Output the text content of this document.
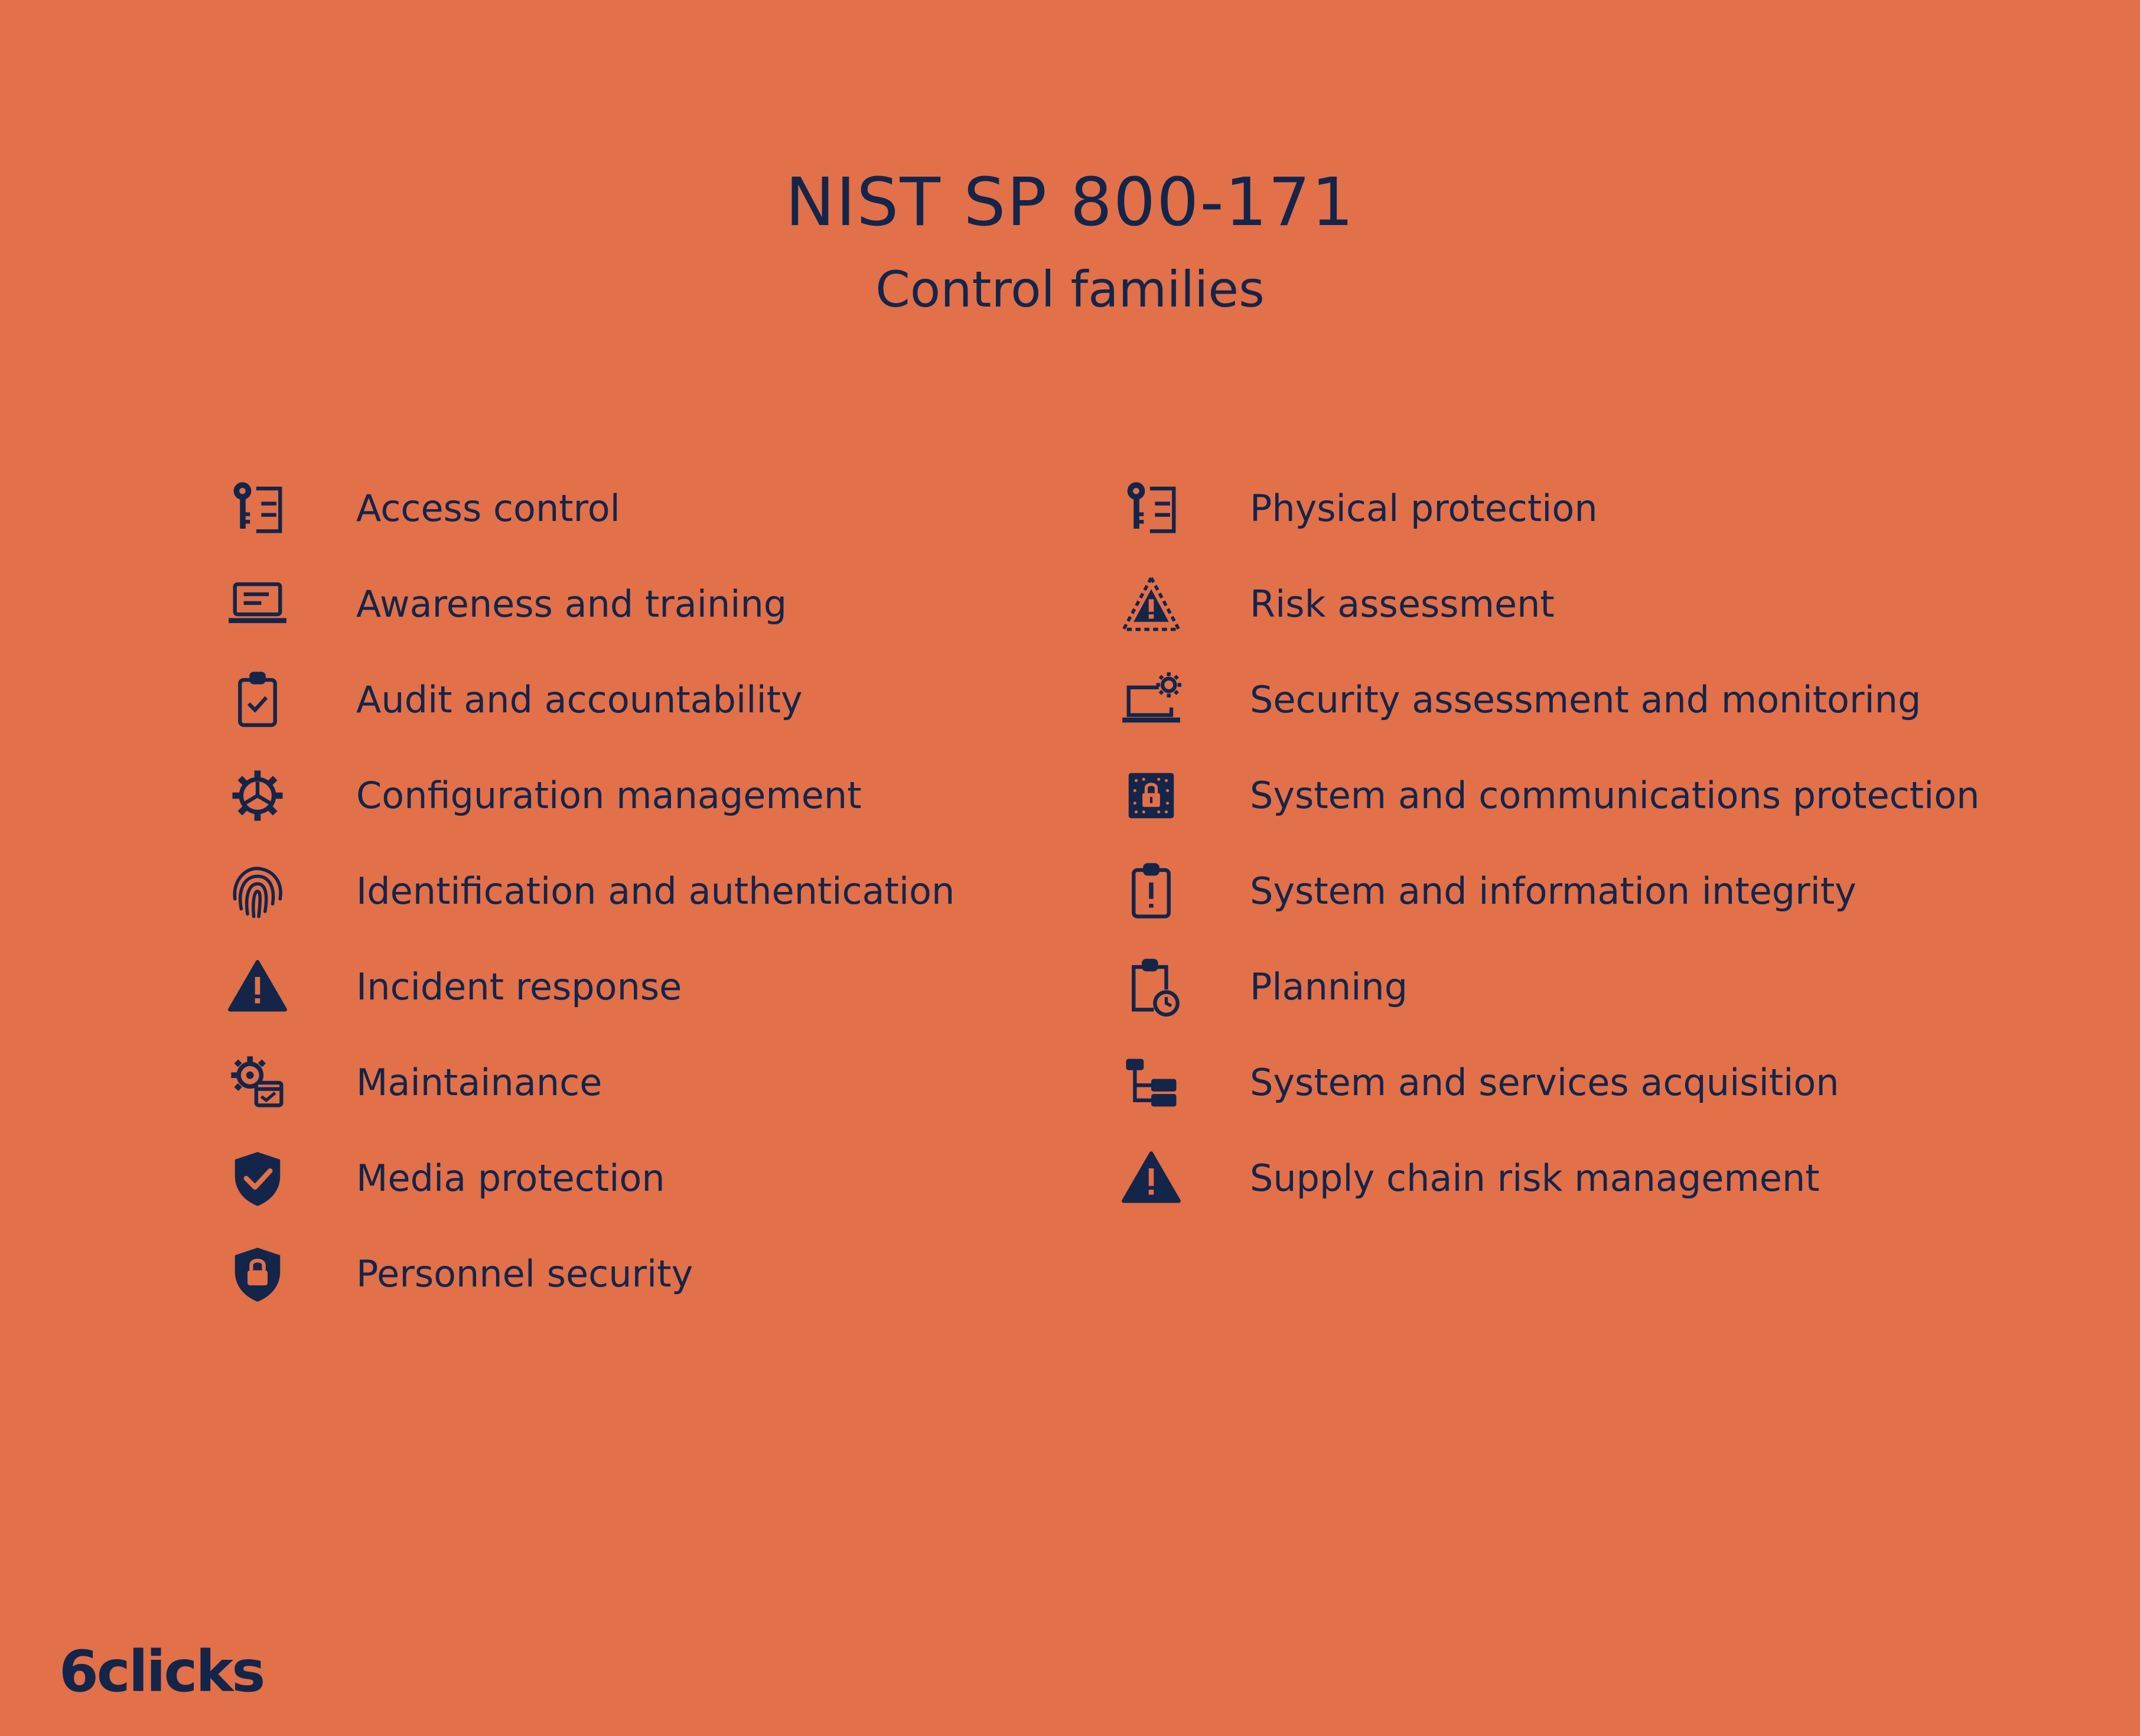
NIST SP 800-171
Control families
Access control
Awareness and training
Audit and accountability
Configuration management
Identification and authentication
Incident response
Maintainance
Media protection
Personnel security
Physical protection
Risk assessment
Security assessment and monitoring
System and communications protection
System and information integrity
Planning
System and services acquisition
Supply chain risk management
6clicks
